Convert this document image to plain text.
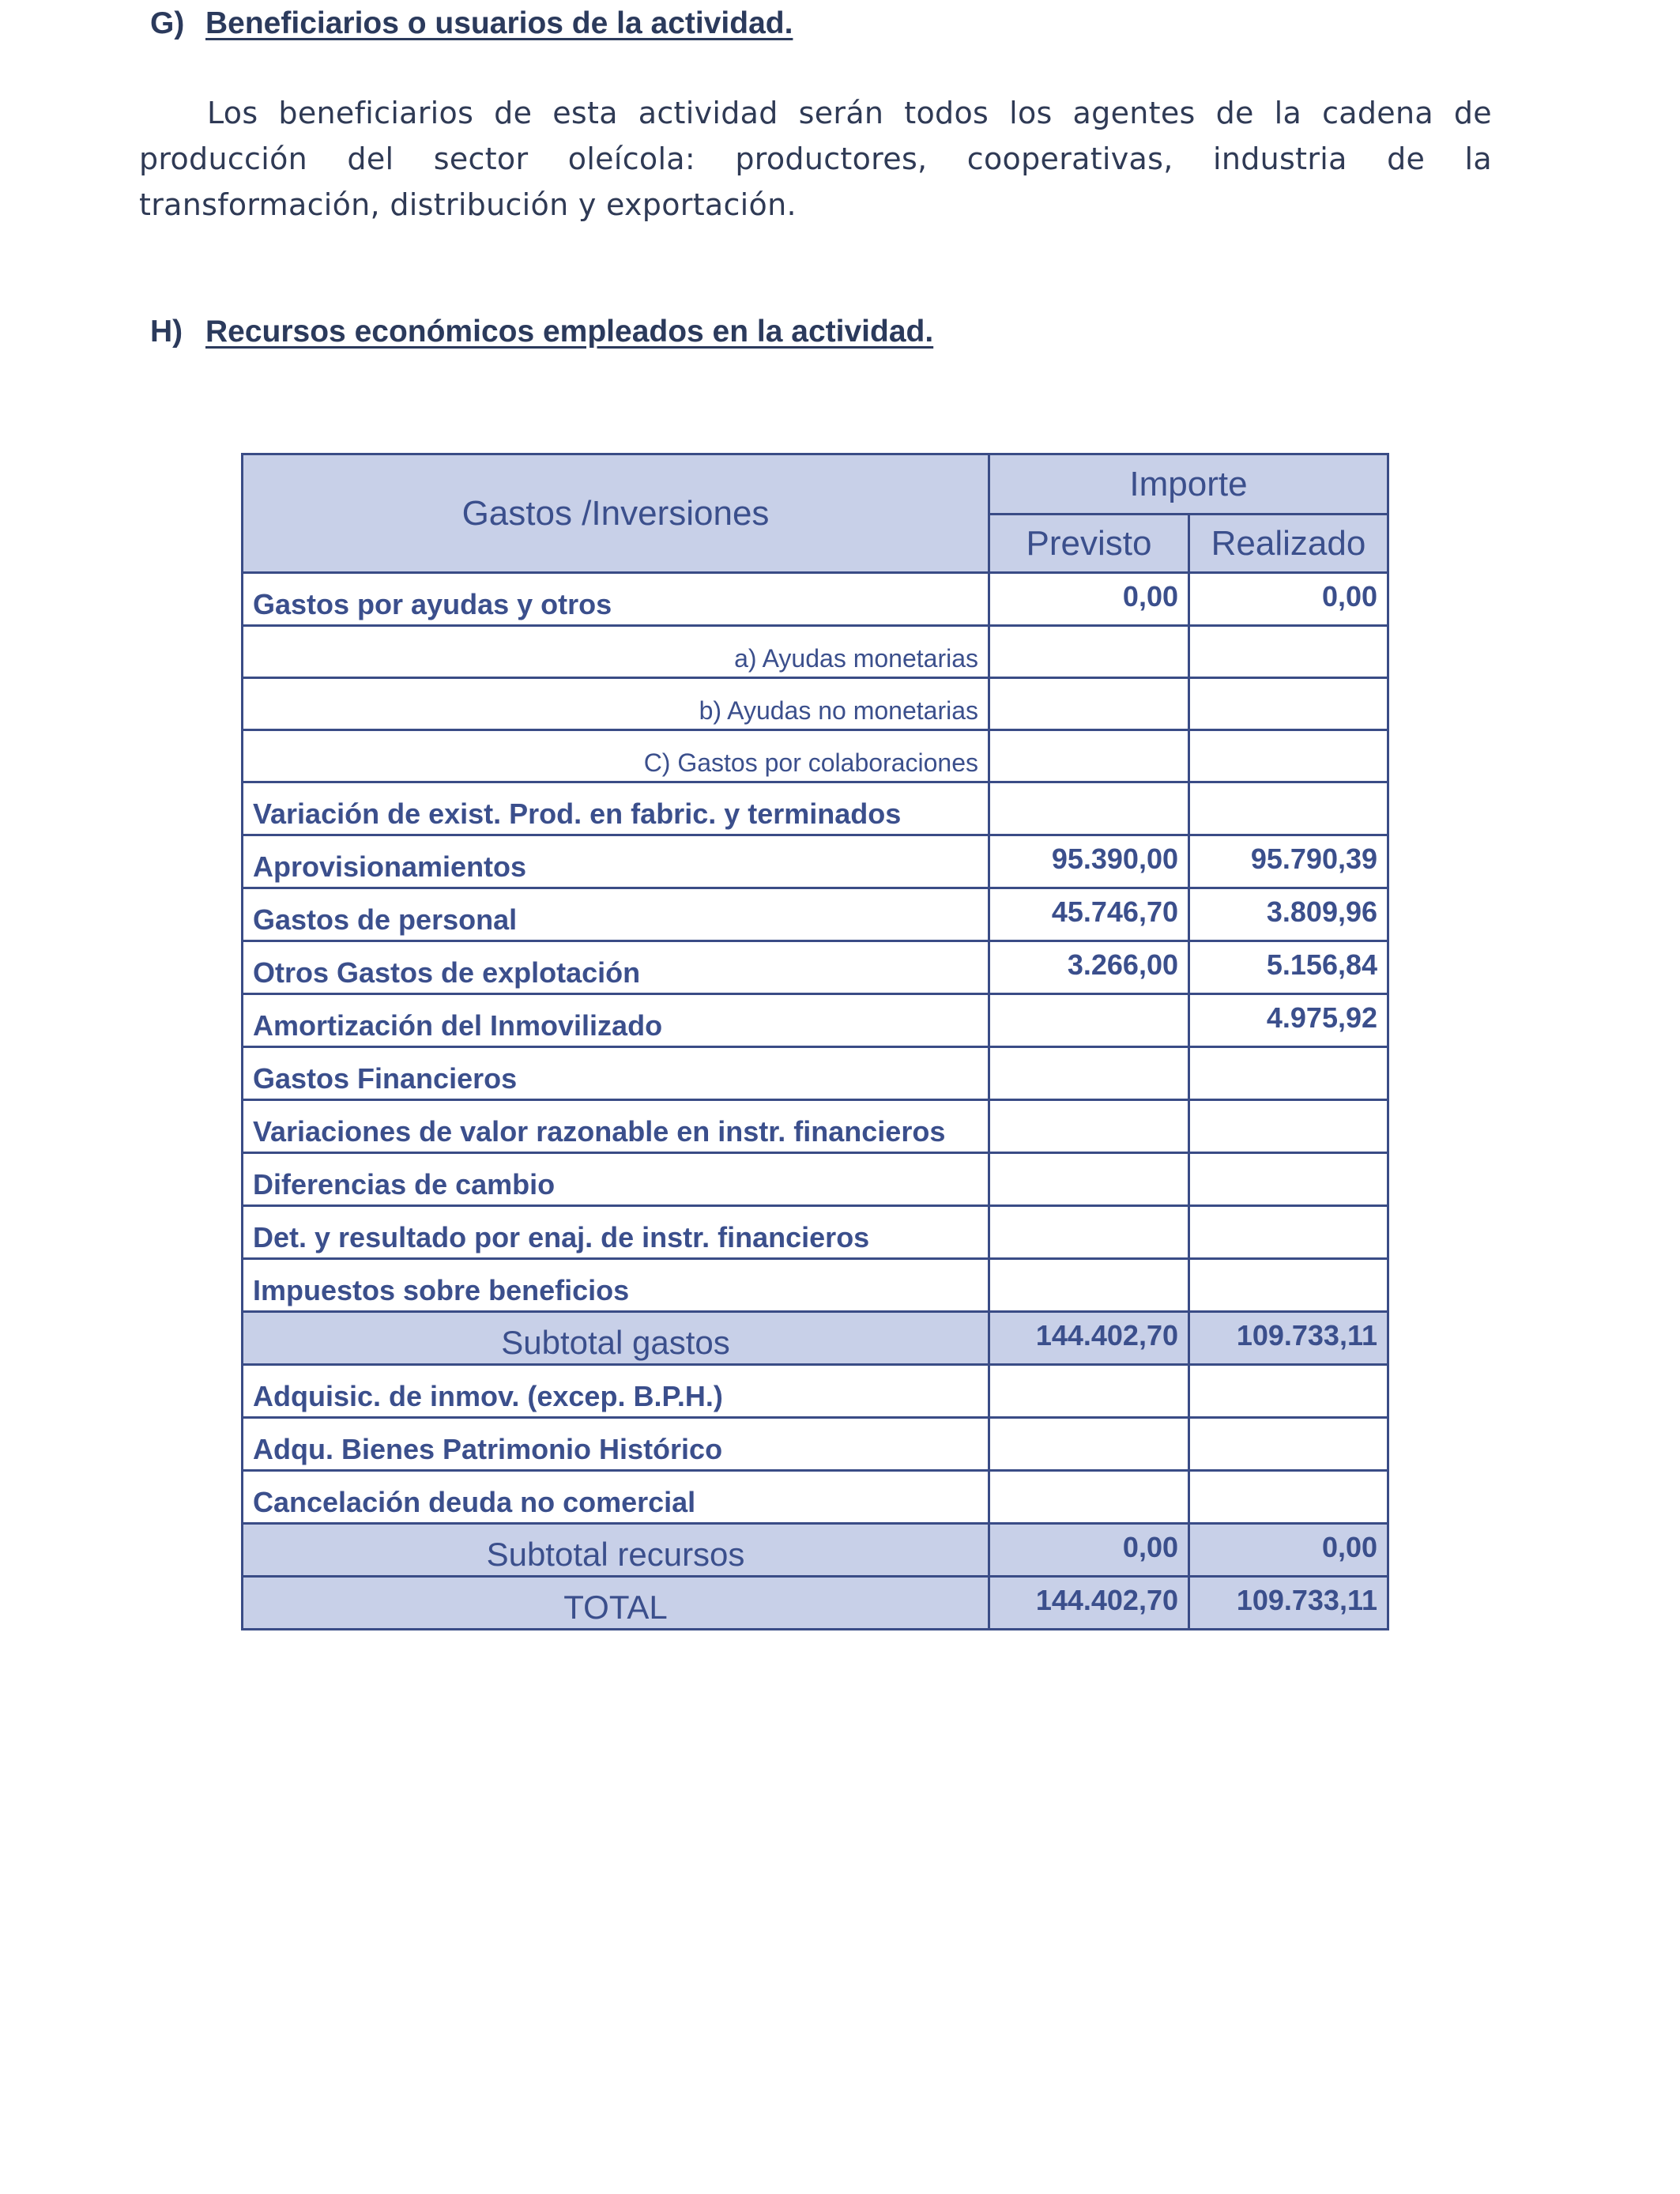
G) Beneficiarios o usuarios de la actividad.
Los beneficiarios de esta actividad serán todos los agentes de la cadena de producción del sector oleícola: productores, cooperativas, industria de la transformación, distribución y exportación.
H) Recursos económicos empleados en la actividad.
Gastos /Inversiones	Importe	
	Previsto	Realizado
Gastos por ayudas y otros	0,00	0,00
a) Ayudas monetarias		
b) Ayudas no monetarias		
C) Gastos por colaboraciones		
Variación de exist. Prod. en fabric. y terminados		
Aprovisionamientos	95.390,00	95.790,39
Gastos de personal	45.746,70	3.809,96
Otros Gastos de explotación	3.266,00	5.156,84
Amortización del Inmovilizado		4.975,92
Gastos Financieros		
Variaciones de valor razonable en instr. financieros		
Diferencias de cambio		
Det. y resultado por enaj. de instr. financieros		
Impuestos sobre beneficios		
Subtotal gastos	144.402,70	109.733,11
Adquisic. de inmov. (excep. B.P.H.)		
Adqu. Bienes Patrimonio Histórico		
Cancelación deuda no comercial		
Subtotal recursos	0,00	0,00
TOTAL	144.402,70	109.733,11
